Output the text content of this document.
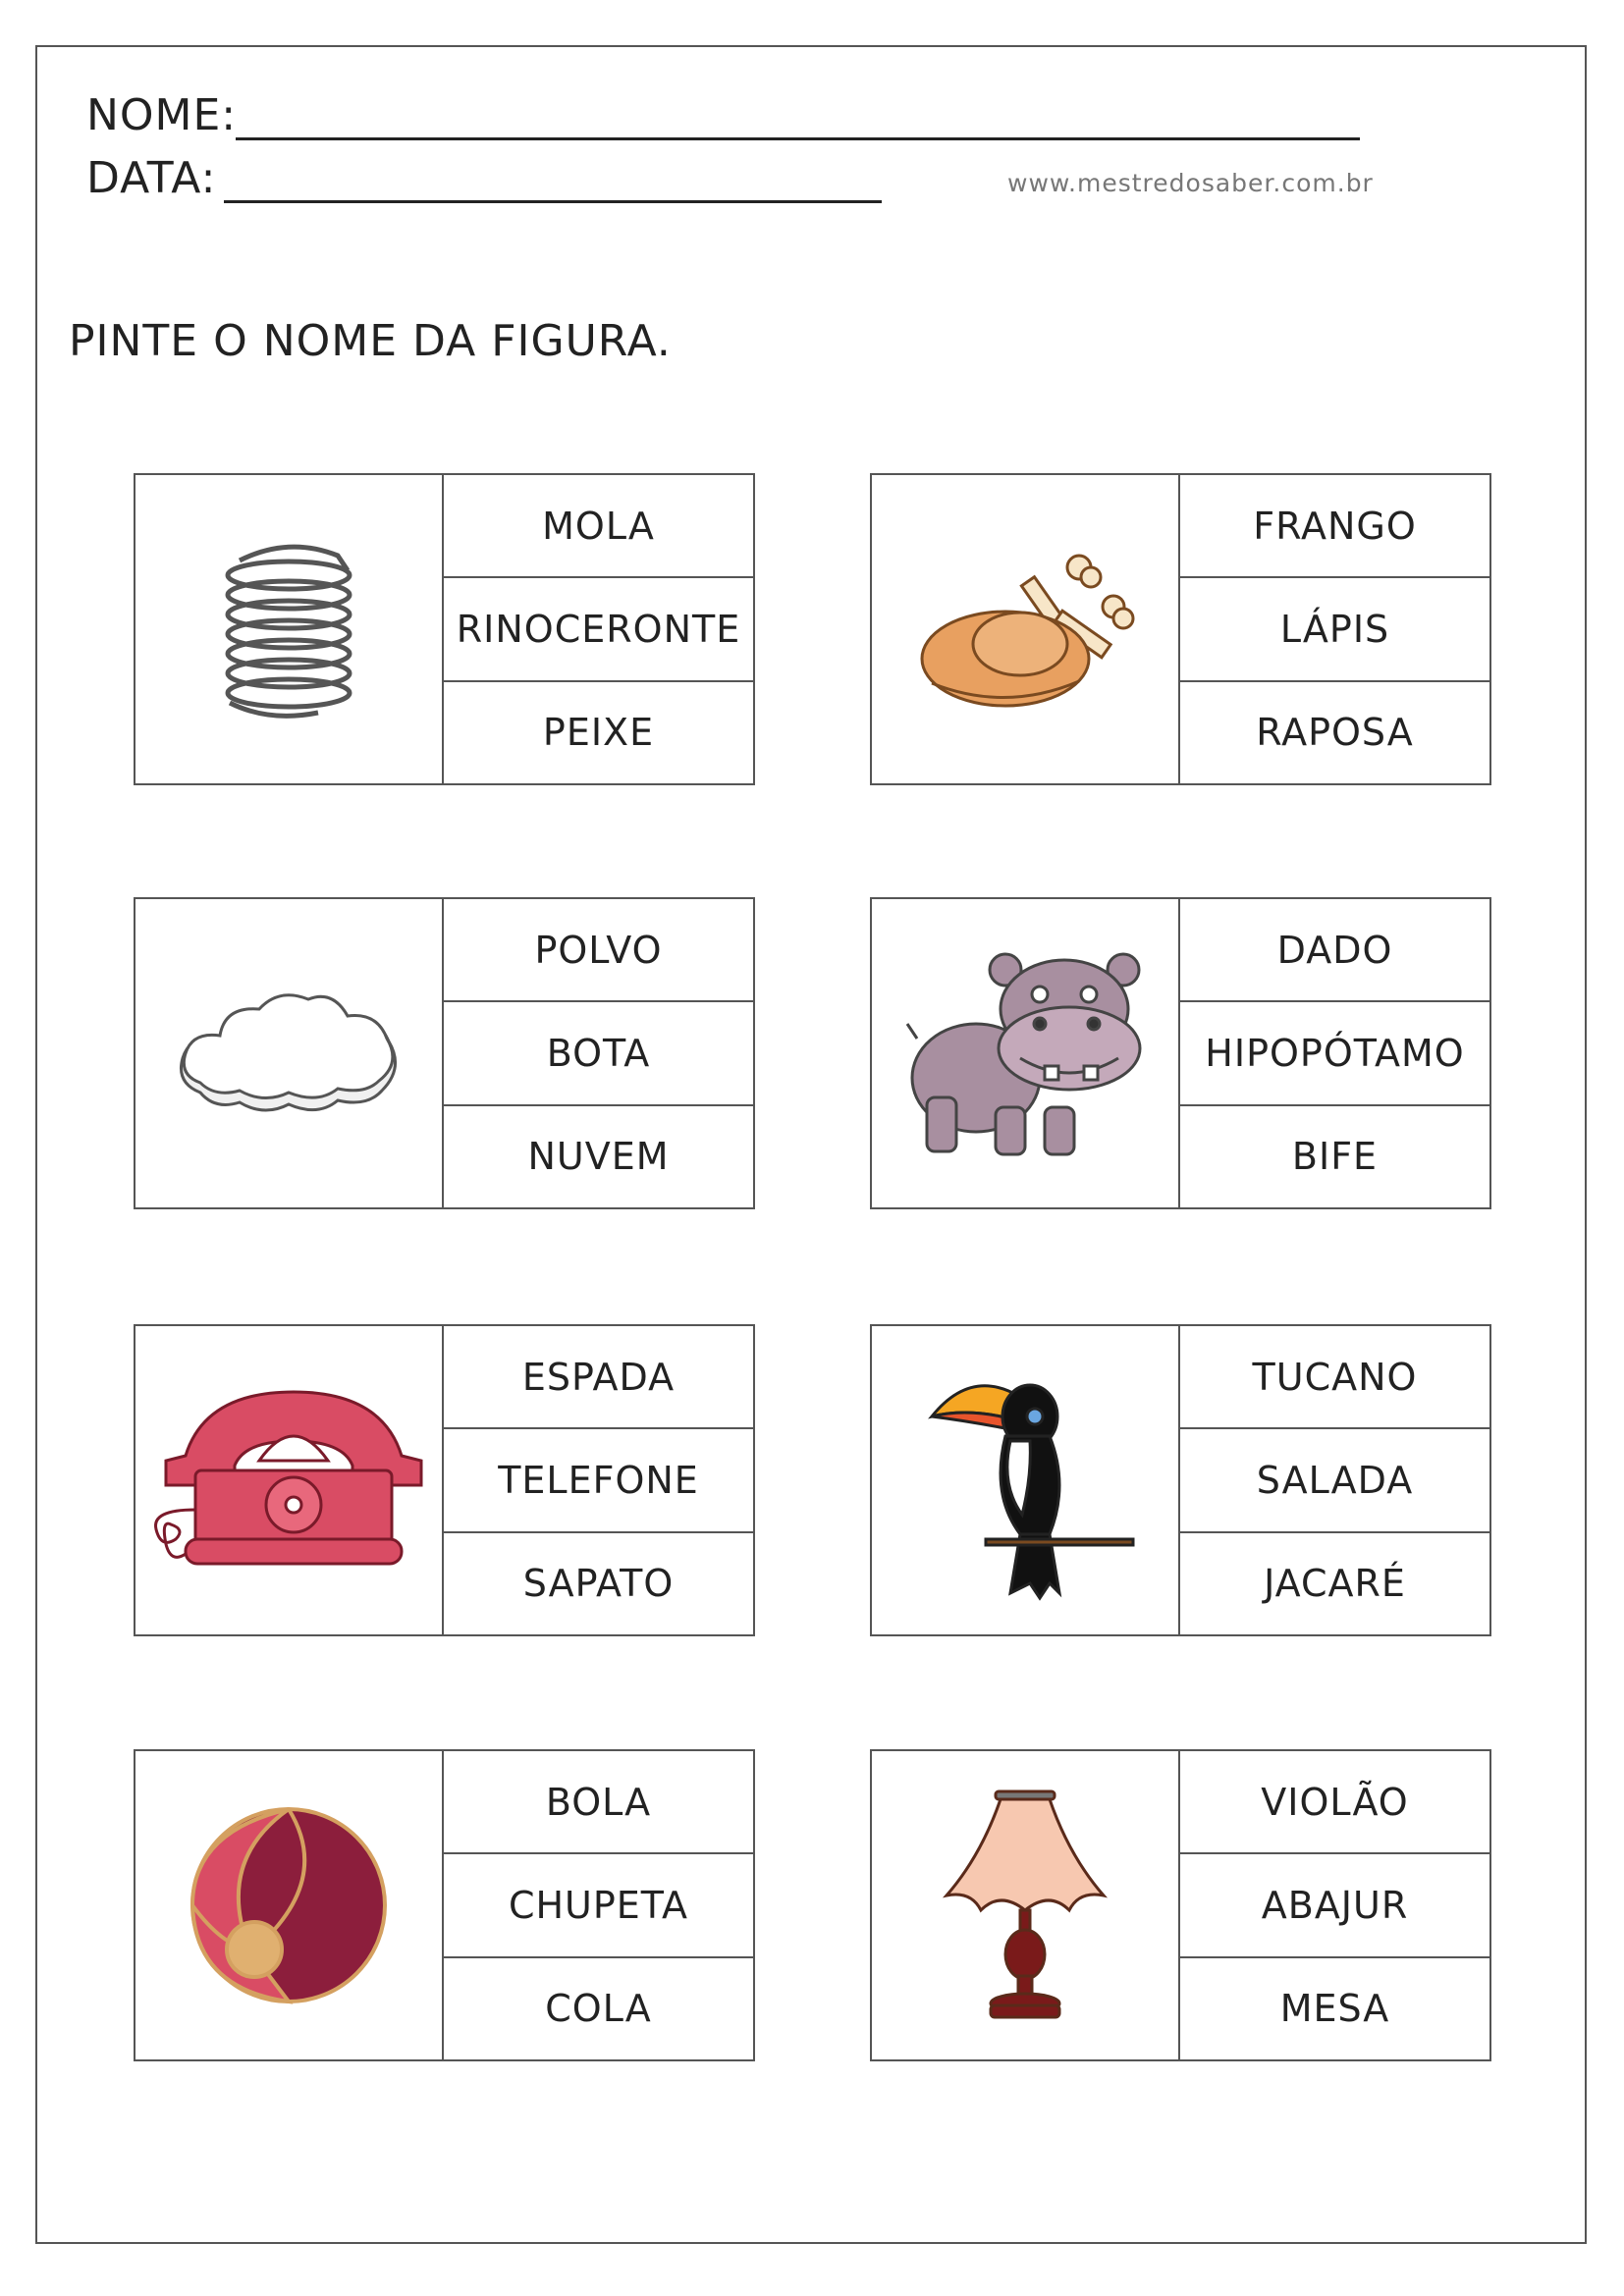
NOME:
DATA:	www.mestredosaber.com.br
PINTE O NOME DA FIGURA.
MOLA
RINOCERONTE
PEIXE
FRANGO
LÁPIS
RAPOSA
POLVO
BOTA
NUVEM
DADO
HIPOPÓTAMO
BIFE
ESPADA
TELEFONE
SAPATO
TUCANO
SALADA
JACARÉ
BOLA
CHUPETA
COLA
VIOLÃO
ABAJUR
MESA
